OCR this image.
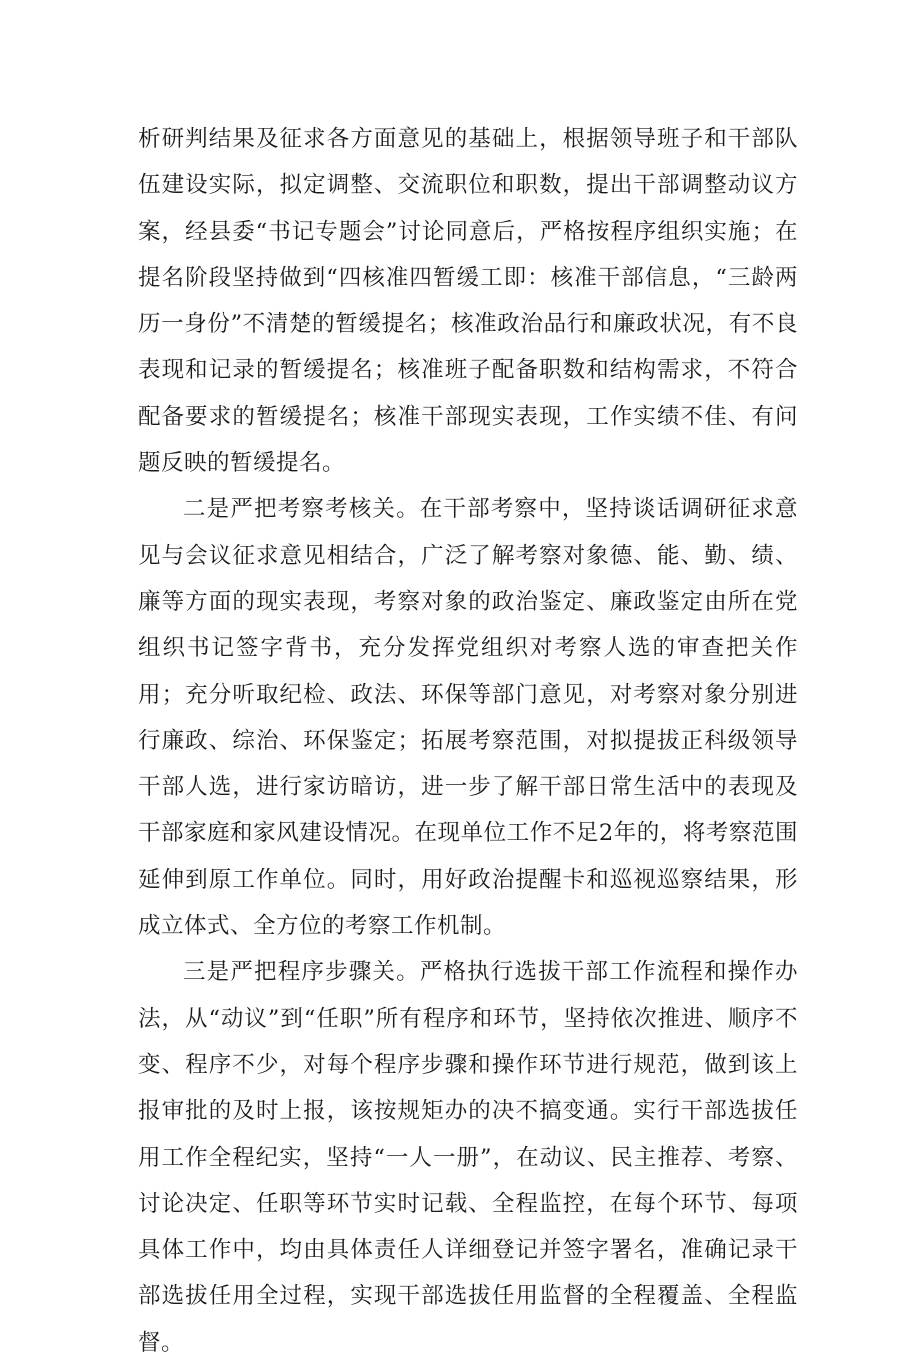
析研判结果及征求各方面意见的基础上，根据领导班子和干部队伍建设实际，拟定调整、交流职位和职数，提出干部调整动议方案，经县委“书记专题会”讨论同意后，严格按程序组织实施；在提名阶段坚持做到“四核准四暂缓工即：核准干部信息，“三龄两历一身份”不清楚的暂缓提名；核准政治品行和廉政状况，有不良表现和记录的暂缓提名；核准班子配备职数和结构需求，不符合配备要求的暂缓提名；核准干部现实表现，工作实绩不佳、有问题反映的暂缓提名。

二是严把考察考核关。在干部考察中，坚持谈话调研征求意见与会议征求意见相结合，广泛了解考察对象德、能、勤、绩、廉等方面的现实表现，考察对象的政治鉴定、廉政鉴定由所在党组织书记签字背书，充分发挥党组织对考察人选的审查把关作用；充分听取纪检、政法、环保等部门意见，对考察对象分别进行廉政、综治、环保鉴定；拓展考察范围，对拟提拔正科级领导干部人选，进行家访暗访，进一步了解干部日常生活中的表现及干部家庭和家风建设情况。在现单位工作不足2年的，将考察范围延伸到原工作单位。同时，用好政治提醒卡和巡视巡察结果，形成立体式、全方位的考察工作机制。

三是严把程序步骤关。严格执行选拔干部工作流程和操作办法，从“动议”到“任职”所有程序和环节，坚持依次推进、顺序不变、程序不少，对每个程序步骤和操作环节进行规范，做到该上报审批的及时上报，该按规矩办的决不搞变通。实行干部选拔任用工作全程纪实，坚持“一人一册”，在动议、民主推荐、考察、讨论决定、任职等环节实时记载、全程监控，在每个环节、每项具体工作中，均由具体责任人详细登记并签字署名，准确记录干部选拔任用全过程，实现干部选拔任用监督的全程覆盖、全程监督。
